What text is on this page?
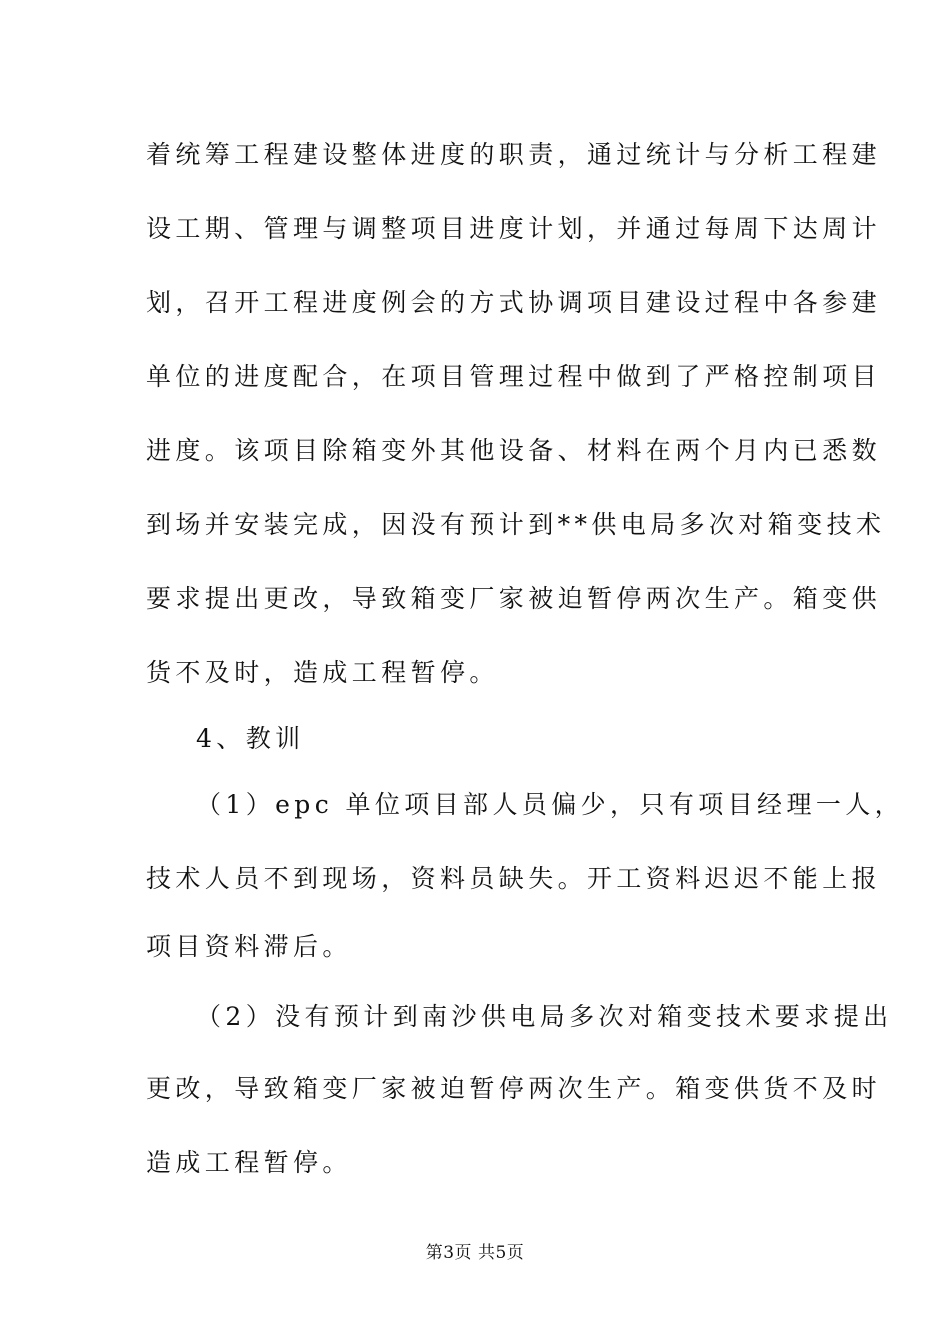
着统筹工程建设整体进度的职责，通过统计与分析工程建
设工期、管理与调整项目进度计划，并通过每周下达周计
划，召开工程进度例会的方式协调项目建设过程中各参建
单位的进度配合，在项目管理过程中做到了严格控制项目
进度。该项目除箱变外其他设备、材料在两个月内已悉数
到场并安装完成，因没有预计到**供电局多次对箱变技术
要求提出更改，导致箱变厂家被迫暂停两次生产。箱变供
货不及时，造成工程暂停。
4、教训
（1）epc 单位项目部人员偏少，只有项目经理一人，
技术人员不到现场，资料员缺失。开工资料迟迟不能上报
项目资料滞后。
（2）没有预计到南沙供电局多次对箱变技术要求提出
更改，导致箱变厂家被迫暂停两次生产。箱变供货不及时
造成工程暂停。
第3页 共5页
